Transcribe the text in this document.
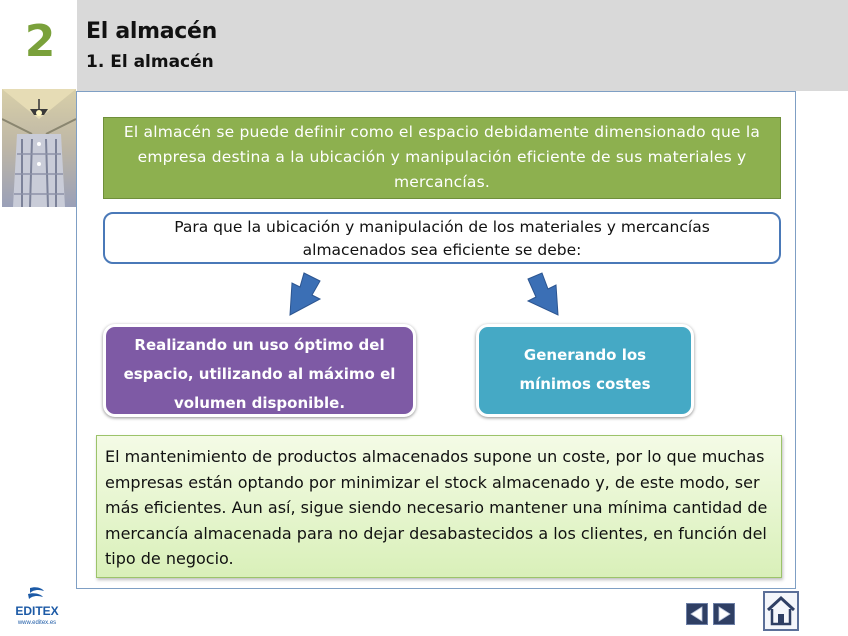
2 El almacén
1. El almacén
El almacén se puede definir como el espacio debidamente dimensionado que la empresa destina a la ubicación y manipulación eficiente de sus materiales y mercancías.
Para que la ubicación y manipulación de los materiales y mercancías almacenados sea eficiente se debe:
Realizando un uso óptimo del espacio, utilizando al máximo el volumen disponible.
Generando los mínimos costes
El mantenimiento de productos almacenados supone un coste, por lo que muchas empresas están optando por minimizar el stock almacenado y, de este modo, ser más eficientes. Aun así, sigue siendo necesario mantener una mínima cantidad de mercancía almacenada para no dejar desabastecidos a los clientes, en función del tipo de negocio.
EDITEX
www.editex.es
